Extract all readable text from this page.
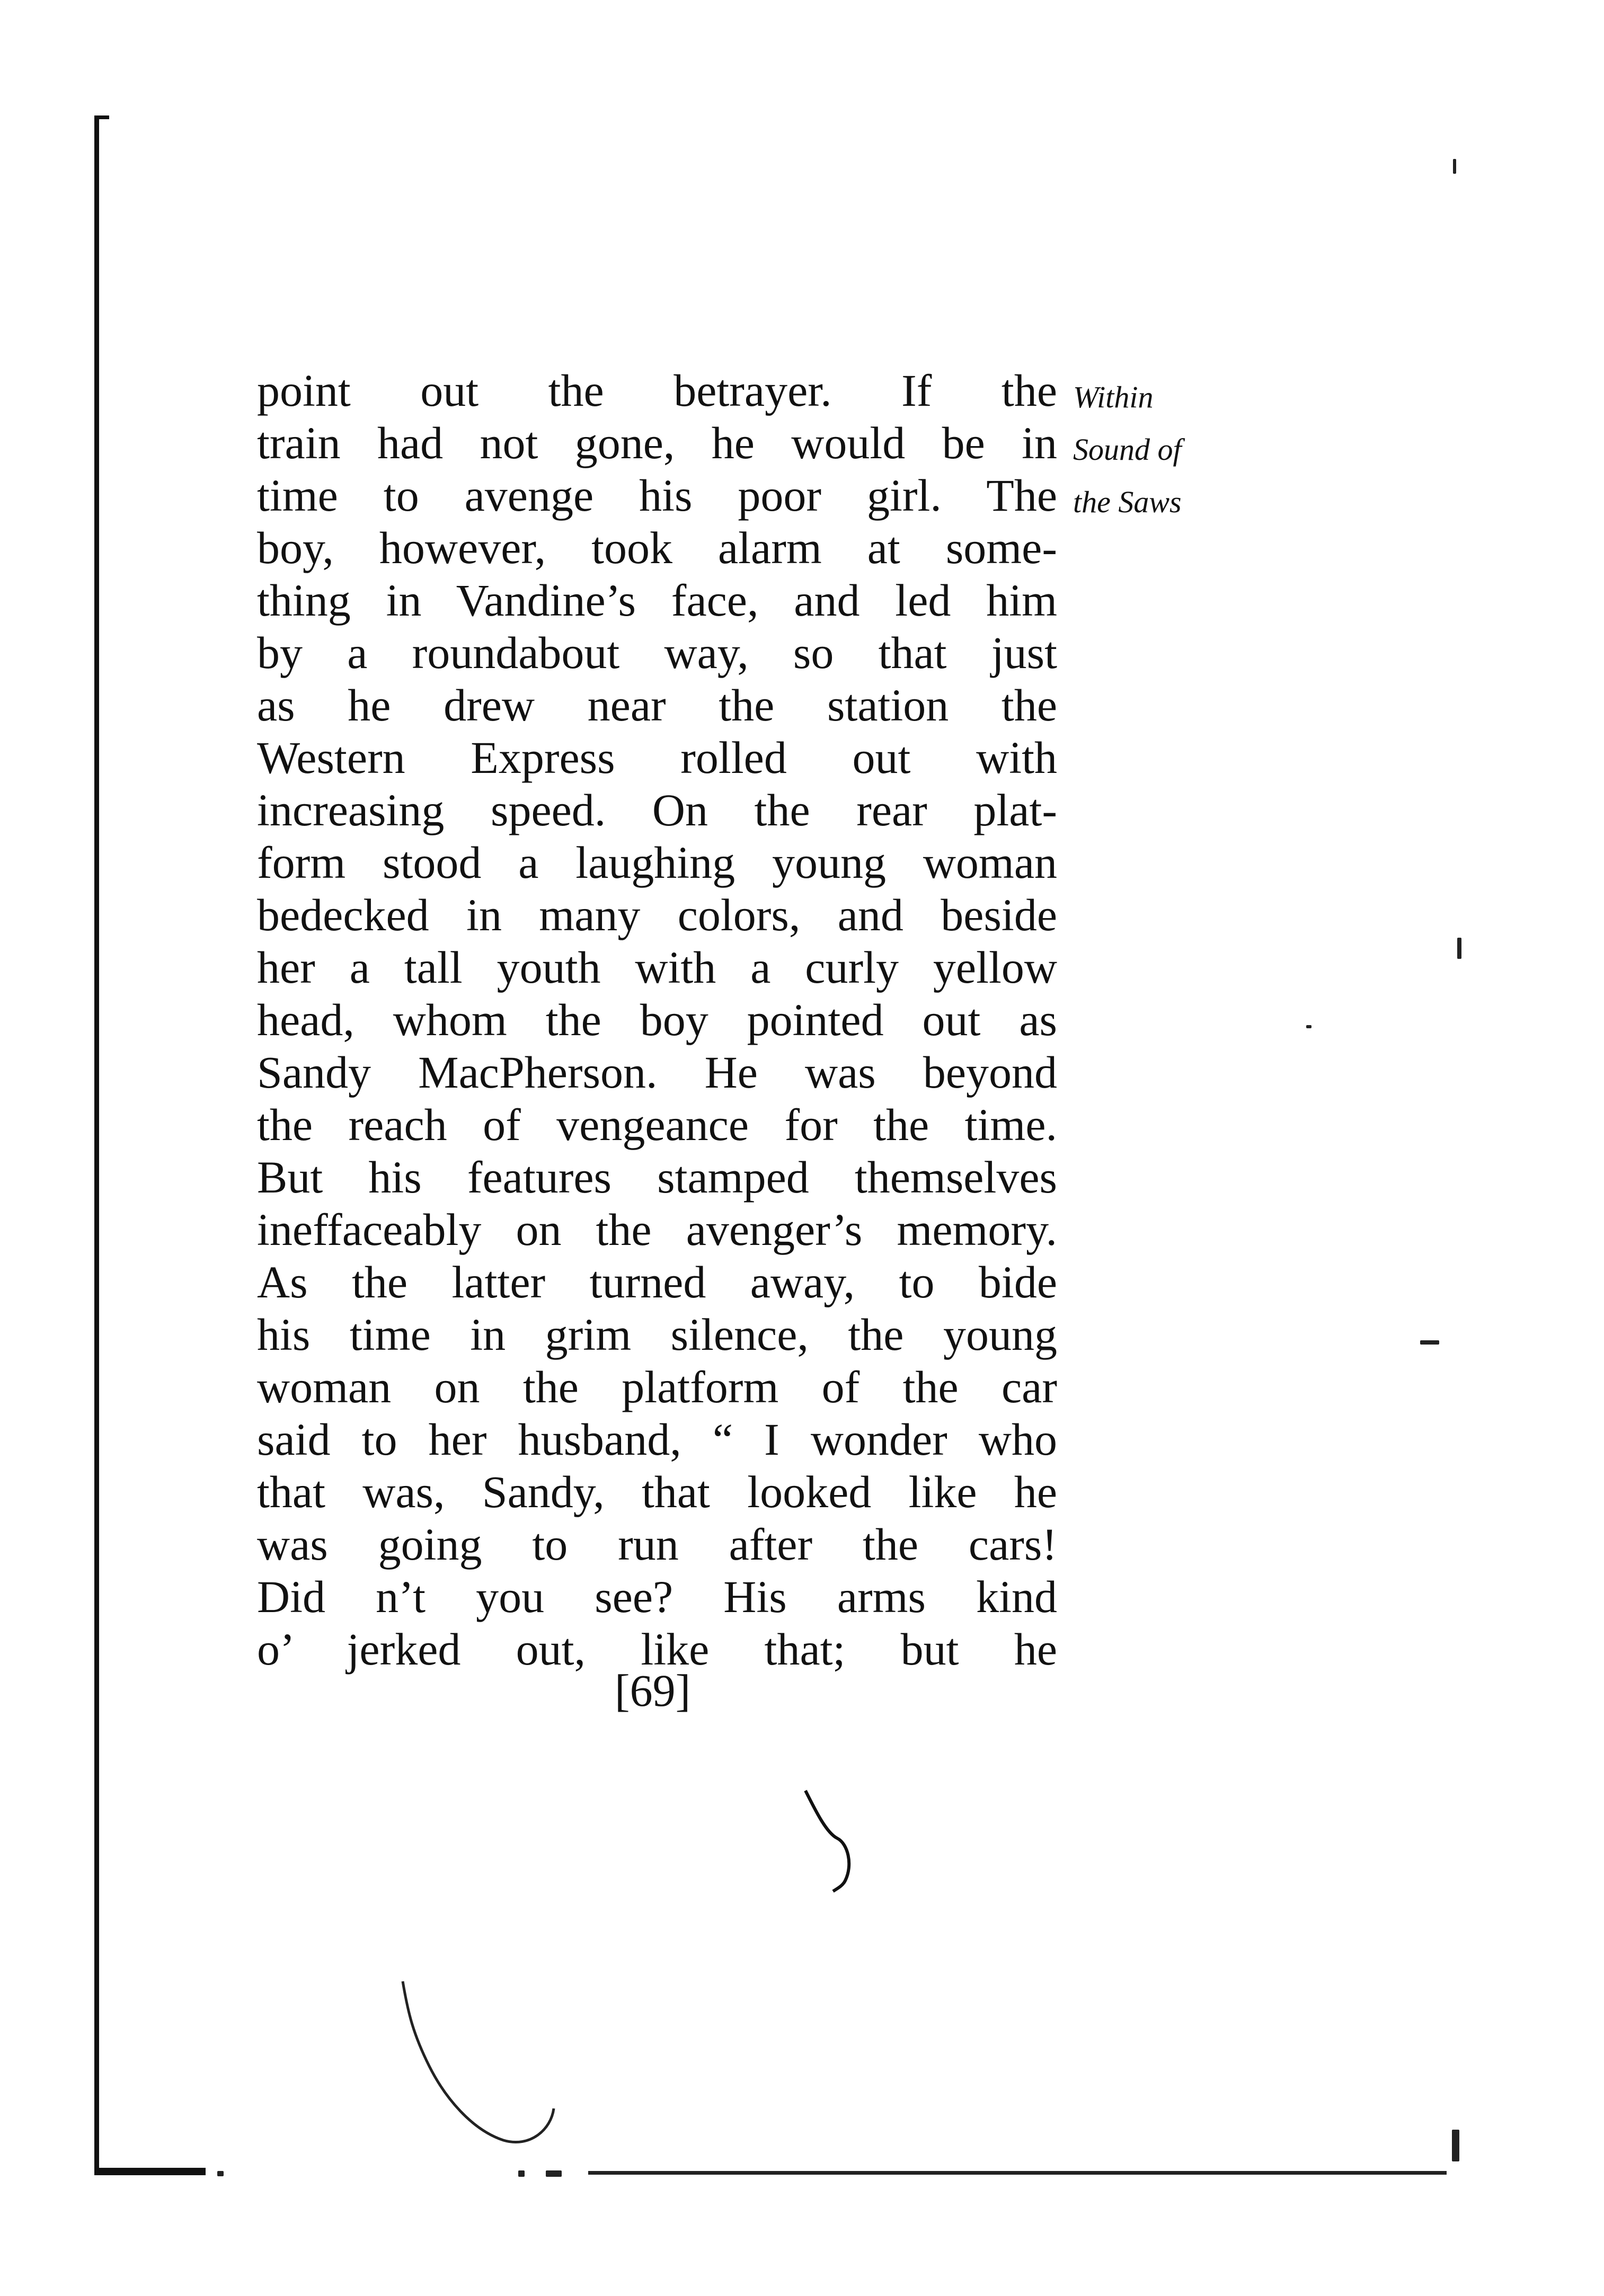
point out the betrayer. If the
train had not gone, he would be in
time to avenge his poor girl. The
boy, however, took alarm at some-
thing in Vandine’s face, and led him
by a roundabout way, so that just
as he drew near the station the
Western Express rolled out with
increasing speed. On the rear plat-
form stood a laughing young woman
bedecked in many colors, and beside
her a tall youth with a curly yellow
head, whom the boy pointed out as
Sandy MacPherson. He was beyond
the reach of vengeance for the time.
But his features stamped themselves
ineffaceably on the avenger’s memory.
As the latter turned away, to bide
his time in grim silence, the young
woman on the platform of the car
said to her husband, “ I wonder who
that was, Sandy, that looked like he
was going to run after the cars!
Did n’t you see? His arms kind
o’ jerked out, like that; but he
Within
Sound of
the Saws
[69]
